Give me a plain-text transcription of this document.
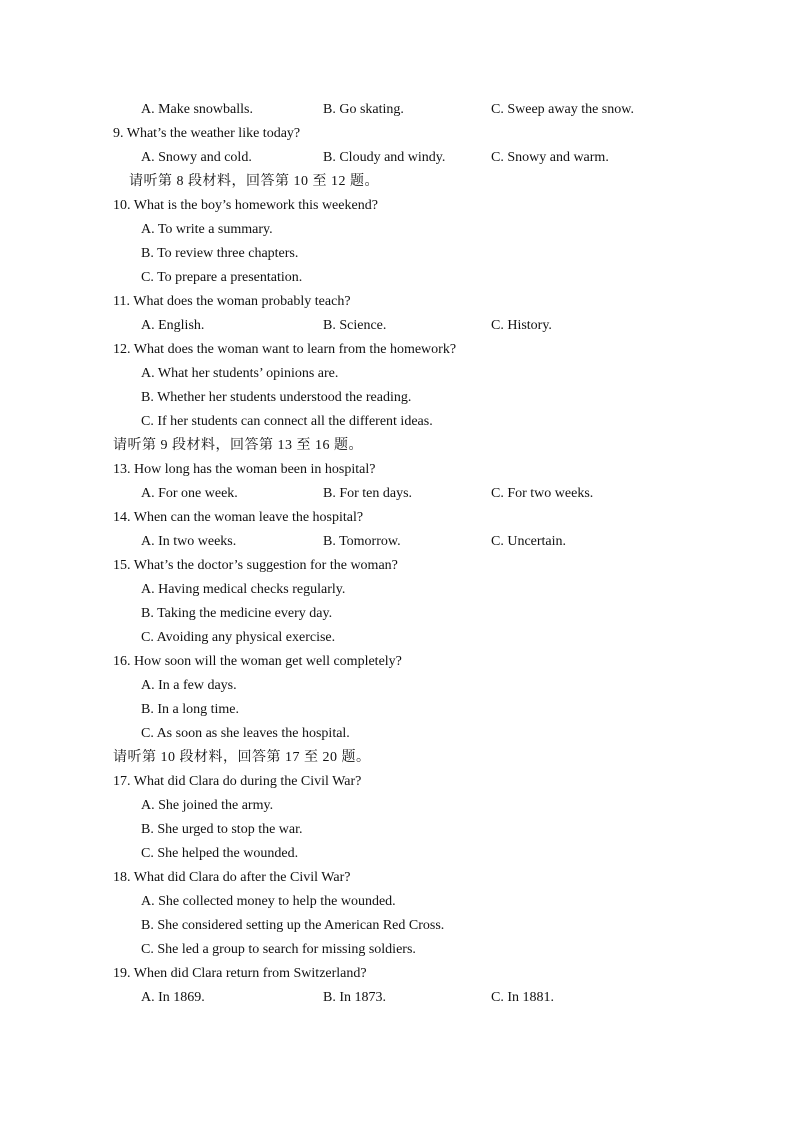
A. Make snowballs.	B. Go skating.	C. Sweep away the snow.
9. What’s the weather like today?
A. Snowy and cold.	B. Cloudy and windy.	C. Snowy and warm.
请听第 8 段材料，回答第 10 至 12 题。
10. What is the boy’s homework this weekend?
A. To write a summary.
B. To review three chapters.
C. To prepare a presentation.
11. What does the woman probably teach?
A. English.	B. Science.	C. History.
12. What does the woman want to learn from the homework?
A. What her students’ opinions are.
B. Whether her students understood the reading.
C. If her students can connect all the different ideas.
请听第 9 段材料，回答第 13 至 16 题。
13. How long has the woman been in hospital?
A. For one week.	B. For ten days.	C. For two weeks.
14. When can the woman leave the hospital?
A. In two weeks.	B. Tomorrow.	C. Uncertain.
15. What’s the doctor’s suggestion for the woman?
A. Having medical checks regularly.
B. Taking the medicine every day.
C. Avoiding any physical exercise.
16. How soon will the woman get well completely?
A. In a few days.
B. In a long time.
C. As soon as she leaves the hospital.
请听第 10 段材料，回答第 17 至 20 题。
17. What did Clara do during the Civil War?
A. She joined the army.
B. She urged to stop the war.
C. She helped the wounded.
18. What did Clara do after the Civil War?
A. She collected money to help the wounded.
B. She considered setting up the American Red Cross.
C. She led a group to search for missing soldiers.
19. When did Clara return from Switzerland?
A. In 1869.	B. In 1873.	C. In 1881.
